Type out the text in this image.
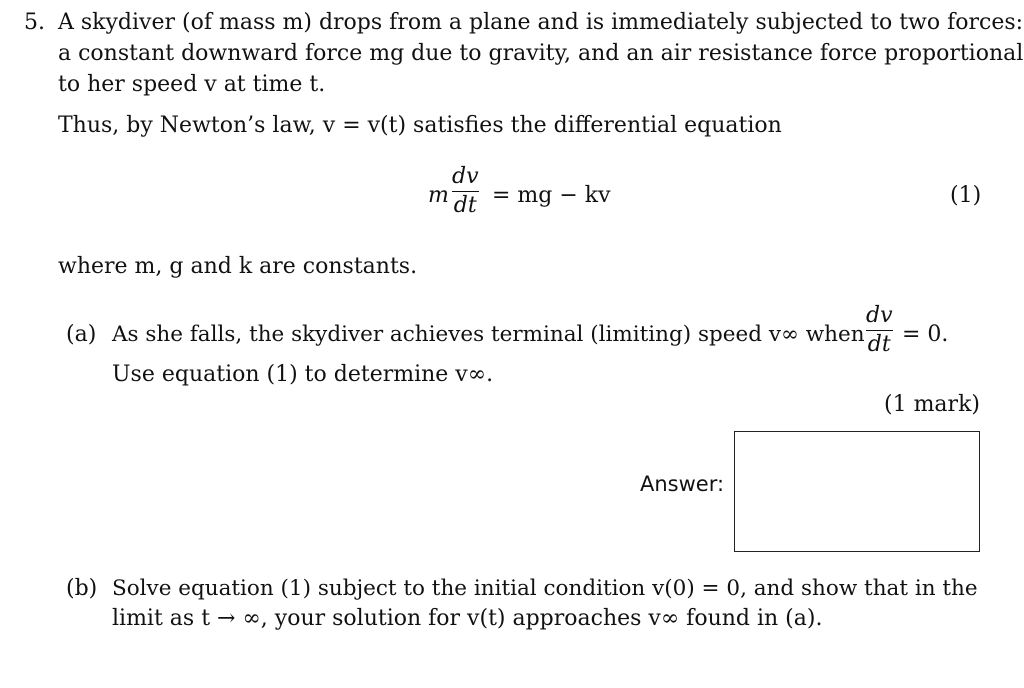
5. A skydiver (of mass m) drops from a plane and is immediately subjected to two forces:
a constant downward force mg due to gravity, and an air resistance force proportional
to her speed v at time t.
Thus, by Newton’s law, v = v(t) satisfies the differential equation
m
dv
dt = mg − kv	(1)
where m, g and k are constants.
(a) As she falls, the skydiver achieves terminal (limiting) speed v∞ when
dv
dt = 0.
Use equation (1) to determine v∞.
(1 mark)
Answer:
(b) Solve equation (1) subject to the initial condition v(0) = 0, and show that in the
limit as t → ∞, your solution for v(t) approaches v∞ found in (a).
